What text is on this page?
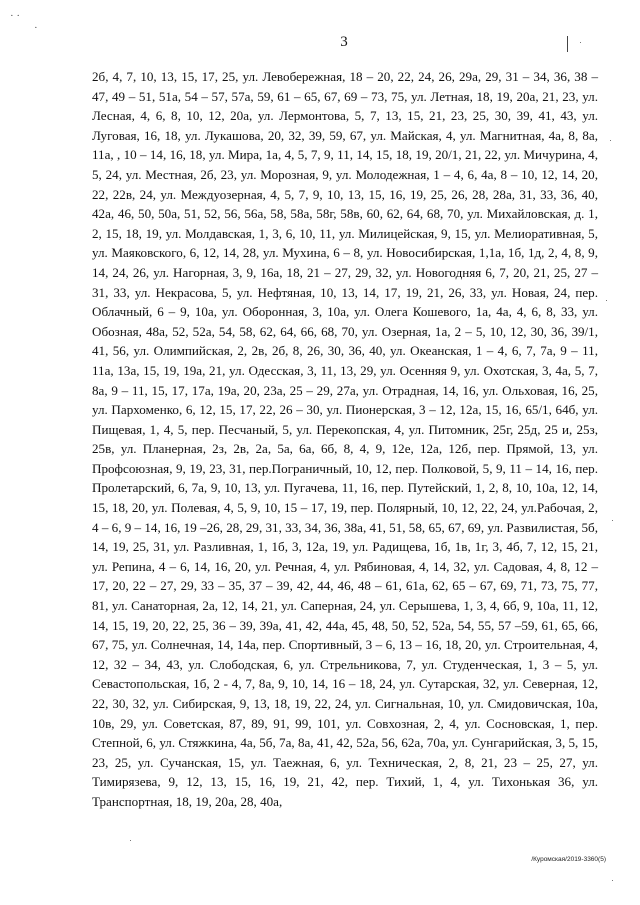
· ·
·
3

2б, 4, 7, 10, 13, 15, 17, 25, ул. Левобережная, 18 – 20, 22, 24, 26, 29а, 29, 31 – 34, 36, 38 – 47, 49 – 51, 51а, 54 – 57, 57а, 59, 61 – 65, 67, 69 – 73, 75, ул. Летная, 18, 19, 20а, 21, 23, ул. Лесная, 4, 6, 8, 10, 12, 20а, ул. Лермонтова, 5, 7, 13, 15, 21, 23, 25, 30, 39, 41, 43, ул. Луговая, 16, 18, ул. Лукашова, 20, 32, 39, 59, 67, ул. Майская, 4, ул. Магнитная, 4а, 8, 8а, 11а, , 10 – 14, 16, 18, ул. Мира, 1а, 4, 5, 7, 9, 11, 14, 15, 18, 19, 20/1, 21, 22, ул. Мичурина, 4, 5, 24, ул. Местная, 2б, 23, ул. Морозная, 9, ул. Молодежная, 1 – 4, 6, 4а, 8 – 10, 12, 14, 20, 22, 22в, 24, ул. Междуозерная, 4, 5, 7, 9, 10, 13, 15, 16, 19, 25, 26, 28, 28а, 31, 33, 36, 40, 42а, 46, 50, 50а, 51, 52, 56, 56а, 58, 58а, 58г, 58в, 60, 62, 64, 68, 70, ул. Михайловская, д. 1, 2, 15, 18, 19, ул. Молдавская, 1, 3, 6, 10, 11, ул. Милицейская, 9, 15, ул. Мелиоративная, 5, ул. Маяковского, 6, 12, 14, 28, ул. Мухина, 6 – 8, ул. Новосибирская, 1,1а, 1б, 1д, 2, 4, 8, 9, 14, 24, 26, ул. Нагорная, 3, 9, 16а, 18, 21 – 27, 29, 32, ул. Новогодняя 6, 7, 20, 21, 25, 27 – 31, 33, ул. Некрасова, 5, ул. Нефтяная, 10, 13, 14, 17, 19, 21, 26, 33, ул. Новая, 24, пер. Облачный, 6 – 9, 10а, ул. Оборонная, 3, 10а, ул. Олега Кошевого, 1а, 4а, 4, 6, 8, 33, ул. Обозная, 48а, 52, 52а, 54, 58, 62, 64, 66, 68, 70, ул. Озерная, 1а, 2 – 5, 10, 12, 30, 36, 39/1, 41, 56, ул. Олимпийская, 2, 2в, 2б, 8, 26, 30, 36, 40, ул. Океанская, 1 – 4, 6, 7, 7а, 9 – 11, 11а, 13а, 15, 19, 19а, 21, ул. Одесская, 3, 11, 13, 29, ул. Осенняя 9, ул. Охотская, 3, 4а, 5, 7, 8а, 9 – 11, 15, 17, 17а, 19а, 20, 23а, 25 – 29, 27а, ул. Отрадная, 14, 16, ул. Ольховая, 16, 25, ул. Пархоменко, 6, 12, 15, 17, 22, 26 – 30, ул. Пионерская, 3 – 12, 12а, 15, 16, 65/1, 64б, ул. Пищевая, 1, 4, 5, пер. Песчаный, 5, ул. Перекопская, 4, ул. Питомник, 25г, 25д, 25 и, 25з, 25в, ул. Планерная, 2з, 2в, 2а, 5а, 6а, 6б, 8, 4, 9, 12е, 12а, 12б, пер. Прямой, 13, ул. Профсоюзная, 9, 19, 23, 31, пер.Пограничный, 10, 12, пер. Полковой, 5, 9, 11 – 14, 16, пер. Пролетарский, 6, 7а, 9, 10, 13, ул. Пугачева, 11, 16, пер. Путейский, 1, 2, 8, 10, 10а, 12, 14, 15, 18, 20, ул. Полевая, 4, 5, 9, 10, 15 – 17, 19, пер. Полярный, 10, 12, 22, 24, ул.Рабочая, 2, 4 – 6, 9 – 14, 16, 19 –26, 28, 29, 31, 33, 34, 36, 38а, 41, 51, 58, 65, 67, 69, ул. Развилистая, 5б, 14, 19, 25, 31, ул. Разливная, 1, 1б, 3, 12а, 19, ул. Радищева, 1б, 1в, 1г, 3, 4б, 7, 12, 15, 21, ул. Репина, 4 – 6, 14, 16, 20, ул. Речная, 4, ул. Рябиновая, 4, 14, 32, ул. Садовая, 4, 8, 12 – 17, 20, 22 – 27, 29, 33 – 35, 37 – 39, 42, 44, 46, 48 – 61, 61а, 62, 65 – 67, 69, 71, 73, 75, 77, 81, ул. Санаторная, 2а, 12, 14, 21, ул. Саперная, 24, ул. Серышева, 1, 3, 4, 6б, 9, 10а, 11, 12, 14, 15, 19, 20, 22, 25, 36 – 39, 39а, 41, 42, 44а, 45, 48, 50, 52, 52а, 54, 55, 57 –59, 61, 65, 66, 67, 75, ул. Солнечная, 14, 14а, пер. Спортивный, 3 – 6, 13 – 16, 18, 20, ул. Строительная, 4, 12, 32 – 34, 43, ул. Слободская, 6, ул. Стрельникова, 7, ул. Студенческая, 1, 3 – 5, ул. Севастопольская, 1б, 2 - 4, 7, 8а, 9, 10, 14, 16 – 18, 24, ул. Сутарская, 32, ул. Северная, 12, 22, 30, 32, ул. Сибирская, 9, 13, 18, 19, 22, 24, ул. Сигнальная, 10, ул. Смидовичская, 10а, 10в, 29, ул. Советская, 87, 89, 91, 99, 101, ул. Совхозная, 2, 4, ул. Сосновская, 1, пер. Степной, 6, ул. Стяжкина, 4а, 5б, 7а, 8а, 41, 42, 52а, 56, 62а, 70а, ул. Сунгарийская, 3, 5, 15, 23, 25, ул. Сучанская, 15, ул. Таежная, 6, ул. Техническая, 2, 8, 21, 23 – 25, 27, ул. Тимирязева, 9, 12, 13, 15, 16, 19, 21, 42, пер. Тихий, 1, 4, ул. Тихонькая 36, ул. Транспортная, 18, 19, 20а, 28, 40а,

/Куромская/2019-3360(5)
